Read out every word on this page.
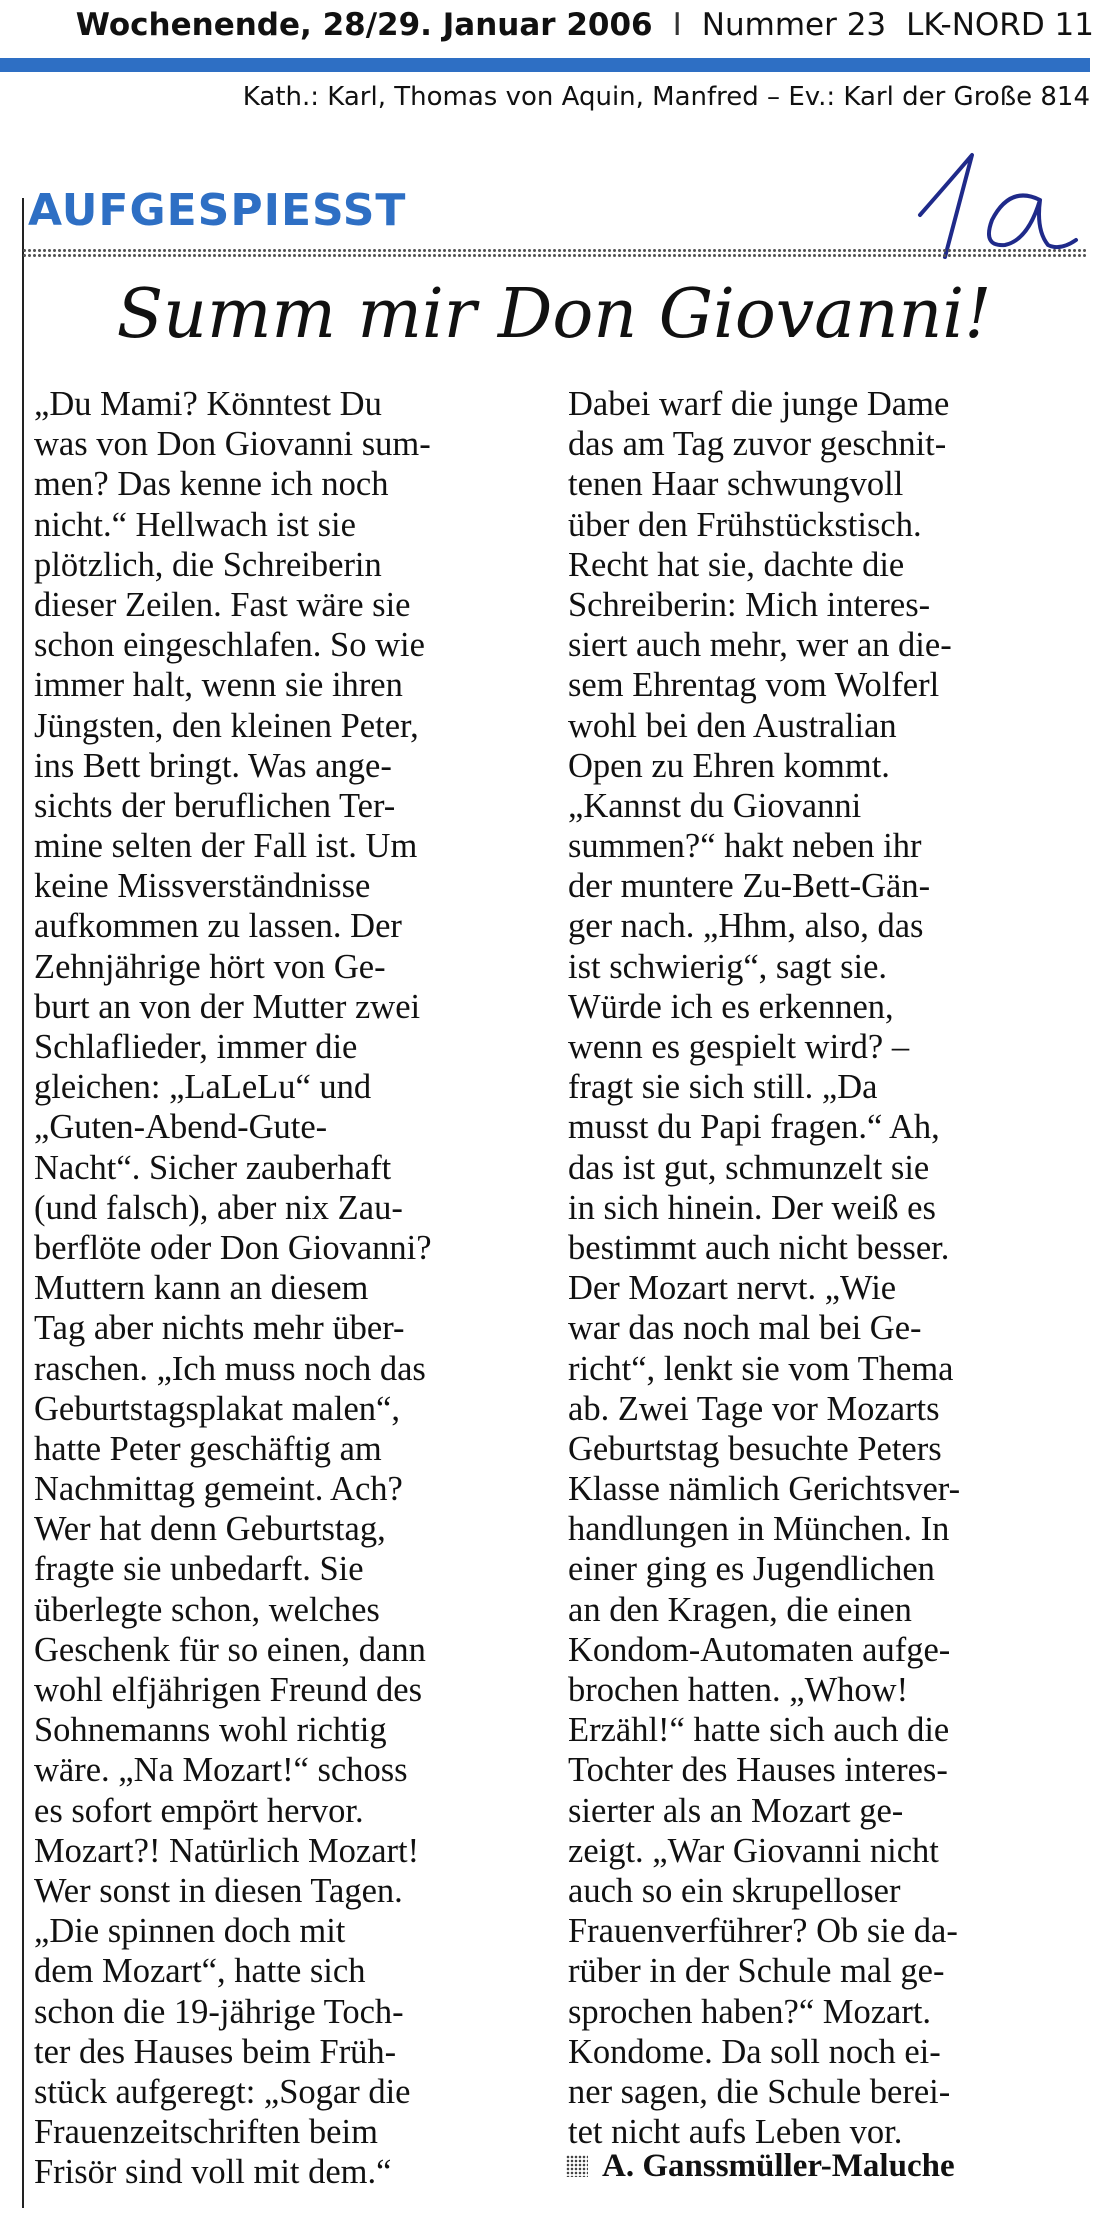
Wochenende, 28/29. Januar 2006 I Nummer 23 LK-NORD 11
Kath.: Karl, Thomas von Aquin, Manfred – Ev.: Karl der Große 814
AUFGESPIESST
Summ mir Don Giovanni!
„Du Mami? Könntest Du
was von Don Giovanni sum-
men? Das kenne ich noch
nicht.“ Hellwach ist sie
plötzlich, die Schreiberin
dieser Zeilen. Fast wäre sie
schon eingeschlafen. So wie
immer halt, wenn sie ihren
Jüngsten, den kleinen Peter,
ins Bett bringt. Was ange-
sichts der beruflichen Ter-
mine selten der Fall ist. Um
keine Missverständnisse
aufkommen zu lassen. Der
Zehnjährige hört von Ge-
burt an von der Mutter zwei
Schlaflieder, immer die
gleichen: „LaLeLu“ und
„Guten-Abend-Gute-
Nacht“. Sicher zauberhaft
(und falsch), aber nix Zau-
berflöte oder Don Giovanni?
Muttern kann an diesem
Tag aber nichts mehr über-
raschen. „Ich muss noch das
Geburtstagsplakat malen“,
hatte Peter geschäftig am
Nachmittag gemeint. Ach?
Wer hat denn Geburtstag,
fragte sie unbedarft. Sie
überlegte schon, welches
Geschenk für so einen, dann
wohl elfjährigen Freund des
Sohnemanns wohl richtig
wäre. „Na Mozart!“ schoss
es sofort empört hervor.
Mozart?! Natürlich Mozart!
Wer sonst in diesen Tagen.
„Die spinnen doch mit
dem Mozart“, hatte sich
schon die 19-jährige Toch-
ter des Hauses beim Früh-
stück aufgeregt: „Sogar die
Frauenzeitschriften beim
Frisör sind voll mit dem.“
Dabei warf die junge Dame
das am Tag zuvor geschnit-
tenen Haar schwungvoll
über den Frühstückstisch.
Recht hat sie, dachte die
Schreiberin: Mich interes-
siert auch mehr, wer an die-
sem Ehrentag vom Wolferl
wohl bei den Australian
Open zu Ehren kommt.
„Kannst du Giovanni
summen?“ hakt neben ihr
der muntere Zu-Bett-Gän-
ger nach. „Hhm, also, das
ist schwierig“, sagt sie.
Würde ich es erkennen,
wenn es gespielt wird? –
fragt sie sich still. „Da
musst du Papi fragen.“ Ah,
das ist gut, schmunzelt sie
in sich hinein. Der weiß es
bestimmt auch nicht besser.
Der Mozart nervt. „Wie
war das noch mal bei Ge-
richt“, lenkt sie vom Thema
ab. Zwei Tage vor Mozarts
Geburtstag besuchte Peters
Klasse nämlich Gerichtsver-
handlungen in München. In
einer ging es Jugendlichen
an den Kragen, die einen
Kondom-Automaten aufge-
brochen hatten. „Whow!
Erzähl!“ hatte sich auch die
Tochter des Hauses interes-
sierter als an Mozart ge-
zeigt. „War Giovanni nicht
auch so ein skrupelloser
Frauenverführer? Ob sie da-
rüber in der Schule mal ge-
sprochen haben?“ Mozart.
Kondome. Da soll noch ei-
ner sagen, die Schule berei-
tet nicht aufs Leben vor.
A. Ganssmüller-Maluche
